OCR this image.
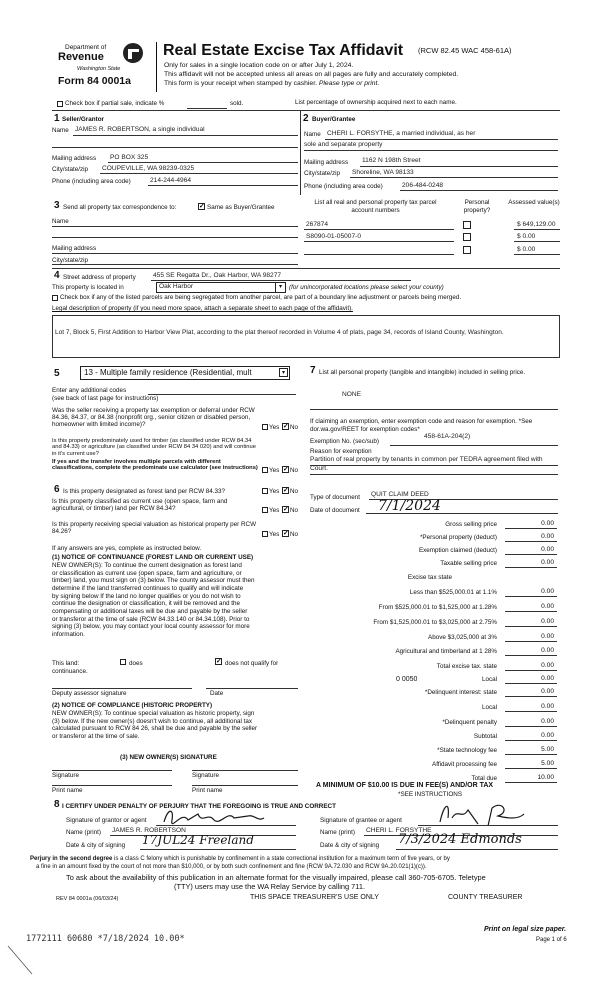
Department of
Revenue
Washington State
Form 84 0001a
Real Estate Excise Tax Affidavit (RCW 82.45 WAC 458-61A)
Only for sales in a single location code on or after July 1, 2024.
This affidavit will not be accepted unless all areas on all pages are fully and accurately completed.
This form is your receipt when stamped by cashier. Please type or print.
Check box if partial sale, indicate %	sold.	List percentage of ownership acquired next to each name.
1 Seller/Grantor
Name JAMES R. ROBERTSON, a single individual
Mailing address PO BOX 325
City/state/zip COUPEVILLE, WA 98239-0325
Phone (including area code)	214-244-4964
2 Buyer/Grantee
Name CHERI L. FORSYTHE, a married individual, as her
sole and separate property
Mailing address 1162 N 198th Street
City/state/zip Shoreline, WA 98133
Phone (including area code)	206-484-0248
3 Send all property tax correspondence to:	✓ Same as Buyer/Grantee
Name
Mailing address
City/state/zip
List all real and personal property tax parcel account numbers
Personal property?
Assessed value(s)
267874	$ 649,129.00
S8090-01-05007-0	$ 0.00
$ 0.00
4 Street address of property	455 SE Regatta Dr., Oak Harbor, WA 98277
This property is located in	Oak Harbor	▾	(for unincorporated locations please select your county)
Check box if any of the listed parcels are being segregated from another parcel, are part of a boundary line adjustment or parcels being merged.
Legal description of property (if you need more space, attach a separate sheet to each page of the affidavit).
Lot 7, Block 5, First Addition to Harbor View Plat, according to the plat thereof recorded in Volume 4 of plats, page 34, records of Island County, Washington.
5	13 - Multiple family residence (Residential, mult	▾
Enter any additional codes
(see back of last page for instructions)
Was the seller receiving a property tax exemption or deferral under RCW 84.36, 84.37, or 84.38 (nonprofit org., senior citizen or disabled person, homeowner with limited income)?	Yes ✓ No
Is this property predominately used for timber (as classified under RCW 84.34 and 84.33) or agriculture (as classified under RCW 84 34 020) and will continue in it's current use?
If yes and the transfer involves multiple parcels with different classifications, complete the predominate use calculator (see instructions) Yes ✓ No
6 Is this property designated as forest land per RCW 84.33?	Yes ✓ No
Is this property classified as current use (open space, farm and agricultural, or timber) land per RCW 84.34?	Yes ✓ No
Is this property receiving special valuation as historical property per RCW 84.26?	Yes ✓ No
If any answers are yes, complete as instructed below.
(1) NOTICE OF CONTINUANCE (FOREST LAND OR CURRENT USE)
NEW OWNER(S): To continue the current designation as forest land
or classification as current use (open space, farm and agriculture, or
timber) land, you must sign on (3) below. The county assessor must then
determine if the land transferred continues to qualify and will indicate
by signing below If the land no longer qualifies or you do not wish to
continue the designation or classification, it will be removed and the
compensating or additional taxes will be due and payable by the seller
or transferor at the time of sale (RCW 84.33.140 or 84.34.108). Prior to
signing (3) below, you may contact your local county assessor for more
information.
This land:	does	✓ does not qualify for
continuance.
Deputy assessor signature	Date
(2) NOTICE OF COMPLIANCE (HISTORIC PROPERTY)
NEW OWNER(S): To continue special valuation as historic property, sign
(3) below. If the new owner(s) doesn't wish to continue, all additional tax
calculated pursuant to RCW 84 26, shall be due and payable by the seller
or transferor at the time of sale.
(3) NEW OWNER(S) SIGNATURE
Signature	Signature
Print name	Print name
7 List all personal property (tangible and intangible) included in selling price.
NONE
If claiming an exemption, enter exemption code and reason for exemption. *See dor.wa.gov/REET for exemption codes*
Exemption No. (sec/sub)
458-61A-204(2)
Reason for exemption
Partition of real property by tenants in common per TEDRA agreement filed with Court.
Type of document QUIT CLAIM DEED
Date of document 7/1/2024
Gross selling price	0.00
*Personal property (deduct)	0.00
Exemption claimed (deduct)	0.00
Taxable selling price	0.00
Excise tax state
Less than $525,000.01 at 1.1%	0.00
From $525,000.01 to $1,525,000 at 1.28%	0.00
From $1,525,000.01 to $3,025,000 at 2.75%	0.00
Above $3,025,000 at 3%	0.00
Agricultural and timberland at 1 28%	0.00
Total excise tax. state	0.00
0 0050	Local	0.00
*Delinquent interest: state	0.00
Local	0.00
*Delinquent penalty	0.00
Subtotal	0.00
*State technology fee	5.00
Affidavit processing fee	5.00
Total due	10.00
A MINIMUM OF $10.00 IS DUE IN FEE(S) AND/OR TAX
*SEE INSTRUCTIONS
8 I CERTIFY UNDER PENALTY OF PERJURY THAT THE FOREGOING IS TRUE AND CORRECT
Signature of grantor or agent
Name (print) JAMES R. ROBERTSON
Date & city of signing 17JUL24 Freeland
Signature of grantee or agent
Name (print) CHERI L. FORSYTHE
Date & city of signing 7/3/2024 Edmonds
Perjury in the second degree is a class C felony which is punishable by confinement in a state correctional institution for a maximum term of five years, or by
a fine in an amount fixed by the court of not more than $10,000, or by both such confinement and fine (RCW 9A.72.030 and RCW 9A.20.021(1)(c)).
To ask about the availability of this publication in an alternate format for the visually impaired, please call 360-705-6705. Teletype
(TTY) users may use the WA Relay Service by calling 711.
REV 84 0001a (06/03/24)	THIS SPACE TREASURER'S USE ONLY	COUNTY TREASURER
1772111 60680 *7/18/2024 10.00*
Print on legal size paper.
Page 1 of 6
